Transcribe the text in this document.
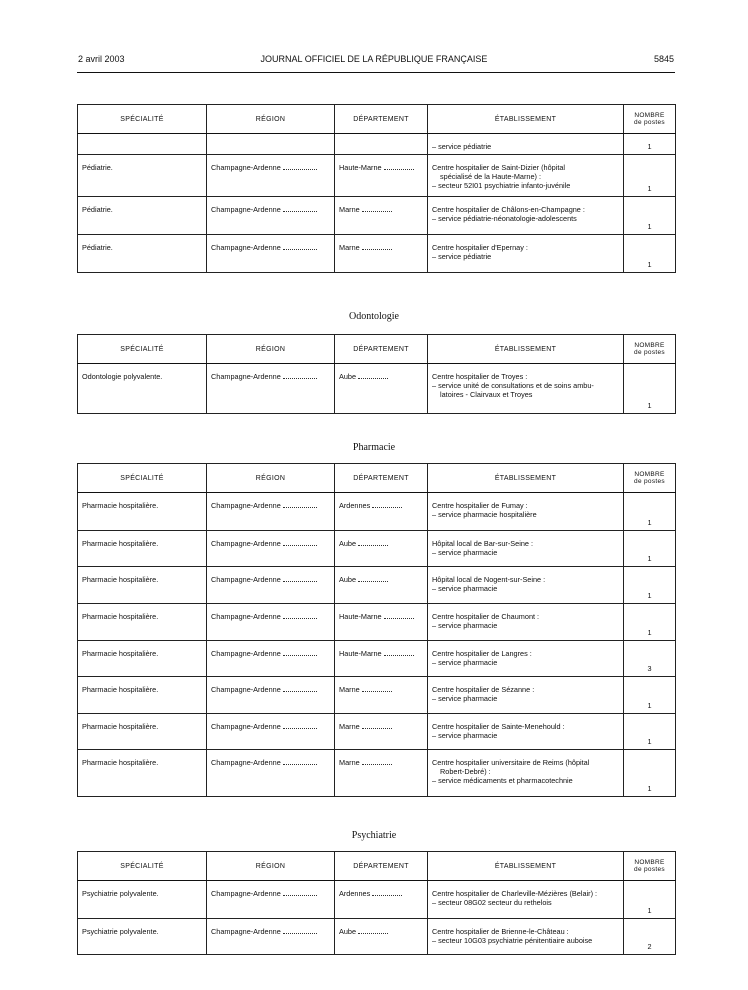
2 avril 2003	JOURNAL OFFICIEL DE LA RÉPUBLIQUE FRANÇAISE	5845
SPÉCIALITÉ	RÉGION	DÉPARTEMENT	ÉTABLISSEMENT	NOMBRE
de postes

			– service pédiatrie	1
Pédiatrie.	Champagne-Ardenne	Haute-Marne	Centre hospitalier de Saint-Dizier (hôpital
spécialisé de la Haute-Marne) :
– secteur 52I01 psychiatrie infanto-juvénile	1
Pédiatrie.	Champagne-Ardenne	Marne	Centre hospitalier de Châlons-en-Champagne :
– service pédiatrie-néonatologie-adolescents	1
Pédiatrie.	Champagne-Ardenne	Marne	Centre hospitalier d'Epernay :
– service pédiatrie	1
Odontologie
SPÉCIALITÉ	RÉGION	DÉPARTEMENT	ÉTABLISSEMENT	NOMBRE
de postes

Odontologie polyvalente.	Champagne-Ardenne	Aube	Centre hospitalier de Troyes :
– service unité de consultations et de soins ambu-
latoires - Clairvaux et Troyes	1
Pharmacie
SPÉCIALITÉ	RÉGION	DÉPARTEMENT	ÉTABLISSEMENT	NOMBRE
de postes

Pharmacie hospitalière.	Champagne-Ardenne	Ardennes	Centre hospitalier de Fumay :
– service pharmacie hospitalière	1
Pharmacie hospitalière.	Champagne-Ardenne	Aube	Hôpital local de Bar-sur-Seine :
– service pharmacie	1
Pharmacie hospitalière.	Champagne-Ardenne	Aube	Hôpital local de Nogent-sur-Seine :
– service pharmacie	1
Pharmacie hospitalière.	Champagne-Ardenne	Haute-Marne	Centre hospitalier de Chaumont :
– service pharmacie	1
Pharmacie hospitalière.	Champagne-Ardenne	Haute-Marne	Centre hospitalier de Langres :
– service pharmacie	3
Pharmacie hospitalière.	Champagne-Ardenne	Marne	Centre hospitalier de Sézanne :
– service pharmacie	1
Pharmacie hospitalière.	Champagne-Ardenne	Marne	Centre hospitalier de Sainte-Menehould :
– service pharmacie	1
Pharmacie hospitalière.	Champagne-Ardenne	Marne	Centre hospitalier universitaire de Reims (hôpital
Robert-Debré) :
– service médicaments et pharmacotechnie	1
Psychiatrie
SPÉCIALITÉ	RÉGION	DÉPARTEMENT	ÉTABLISSEMENT	NOMBRE
de postes

Psychiatrie polyvalente.	Champagne-Ardenne	Ardennes	Centre hospitalier de Charleville-Mézières (Belair) :
– secteur 08G02 secteur du rethelois	1
Psychiatrie polyvalente.	Champagne-Ardenne	Aube	Centre hospitalier de Brienne-le-Château :
– secteur 10G03 psychiatrie pénitentiaire auboise	2
